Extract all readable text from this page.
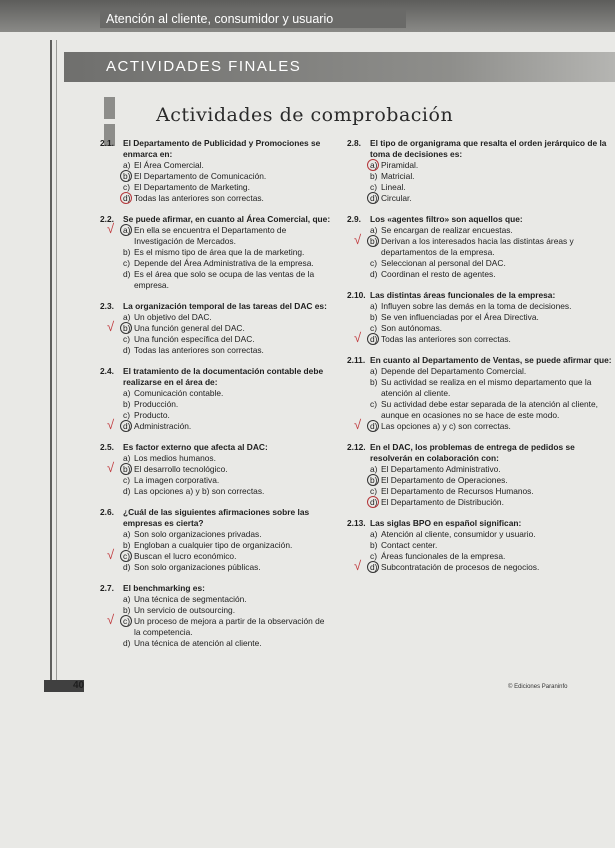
Atención al cliente, consumidor y usuario
ACTIVIDADES FINALES
Actividades de comprobación
2.1.	El Departamento de Publicidad y Promociones se enmarca en:
a) El Área Comercial.
b) El Departamento de Comunicación.
c) El Departamento de Marketing.
d) Todas las anteriores son correctas.
2.2.	Se puede afirmar, en cuanto al Área Comercial, que:
√ a) En ella se encuentra el Departamento de Investigación de Mercados.
b) Es el mismo tipo de área que la de marketing.
c) Depende del Área Administrativa de la empresa.
d) Es el área que solo se ocupa de las ventas de la empresa.
2.3.	La organización temporal de las tareas del DAC es:
a) Un objetivo del DAC.
√ b) Una función general del DAC.
c) Una función específica del DAC.
d) Todas las anteriores son correctas.
2.4.	El tratamiento de la documentación contable debe realizarse en el área de:
a) Comunicación contable.
b) Producción.
c) Producto.
√ d) Administración.
2.5.	Es factor externo que afecta al DAC:
a) Los medios humanos.
√ b) El desarrollo tecnológico.
c) La imagen corporativa.
d) Las opciones a) y b) son correctas.
2.6.	¿Cuál de las siguientes afirmaciones sobre las empresas es cierta?
a) Son solo organizaciones privadas.
b) Engloban a cualquier tipo de organización.
√ c) Buscan el lucro económico.
d) Son solo organizaciones públicas.
2.7.	El benchmarking es:
a) Una técnica de segmentación.
b) Un servicio de outsourcing.
√ c) Un proceso de mejora a partir de la observación de la competencia.
d) Una técnica de atención al cliente.
2.8.	El tipo de organigrama que resalta el orden jerárquico de la toma de decisiones es:
a) Piramidal.
b) Matricial.
c) Lineal.
d) Circular.
2.9.	Los «agentes filtro» son aquellos que:
a) Se encargan de realizar encuestas.
√ b) Derivan a los interesados hacia las distintas áreas y departamentos de la empresa.
c) Seleccionan al personal del DAC.
d) Coordinan el resto de agentes.
2.10. Las distintas áreas funcionales de la empresa:
a) Influyen sobre las demás en la toma de decisiones.
b) Se ven influenciadas por el Área Directiva.
c) Son autónomas.
√ d) Todas las anteriores son correctas.
2.11. En cuanto al Departamento de Ventas, se puede afirmar que:
a) Depende del Departamento Comercial.
b) Su actividad se realiza en el mismo departamento que la atención al cliente.
c) Su actividad debe estar separada de la atención al cliente, aunque en ocasiones no se hace de este modo.
√ d) Las opciones a) y c) son correctas.
2.12. En el DAC, los problemas de entrega de pedidos se resolverán en colaboración con:
a) El Departamento Administrativo.
b) El Departamento de Operaciones.
c) El Departamento de Recursos Humanos.
d) El Departamento de Distribución.
2.13. Las siglas BPO en español significan:
a) Atención al cliente, consumidor y usuario.
b) Contact center.
c) Áreas funcionales de la empresa.
√ d) Subcontratación de procesos de negocios.
40	© Ediciones Paraninfo
